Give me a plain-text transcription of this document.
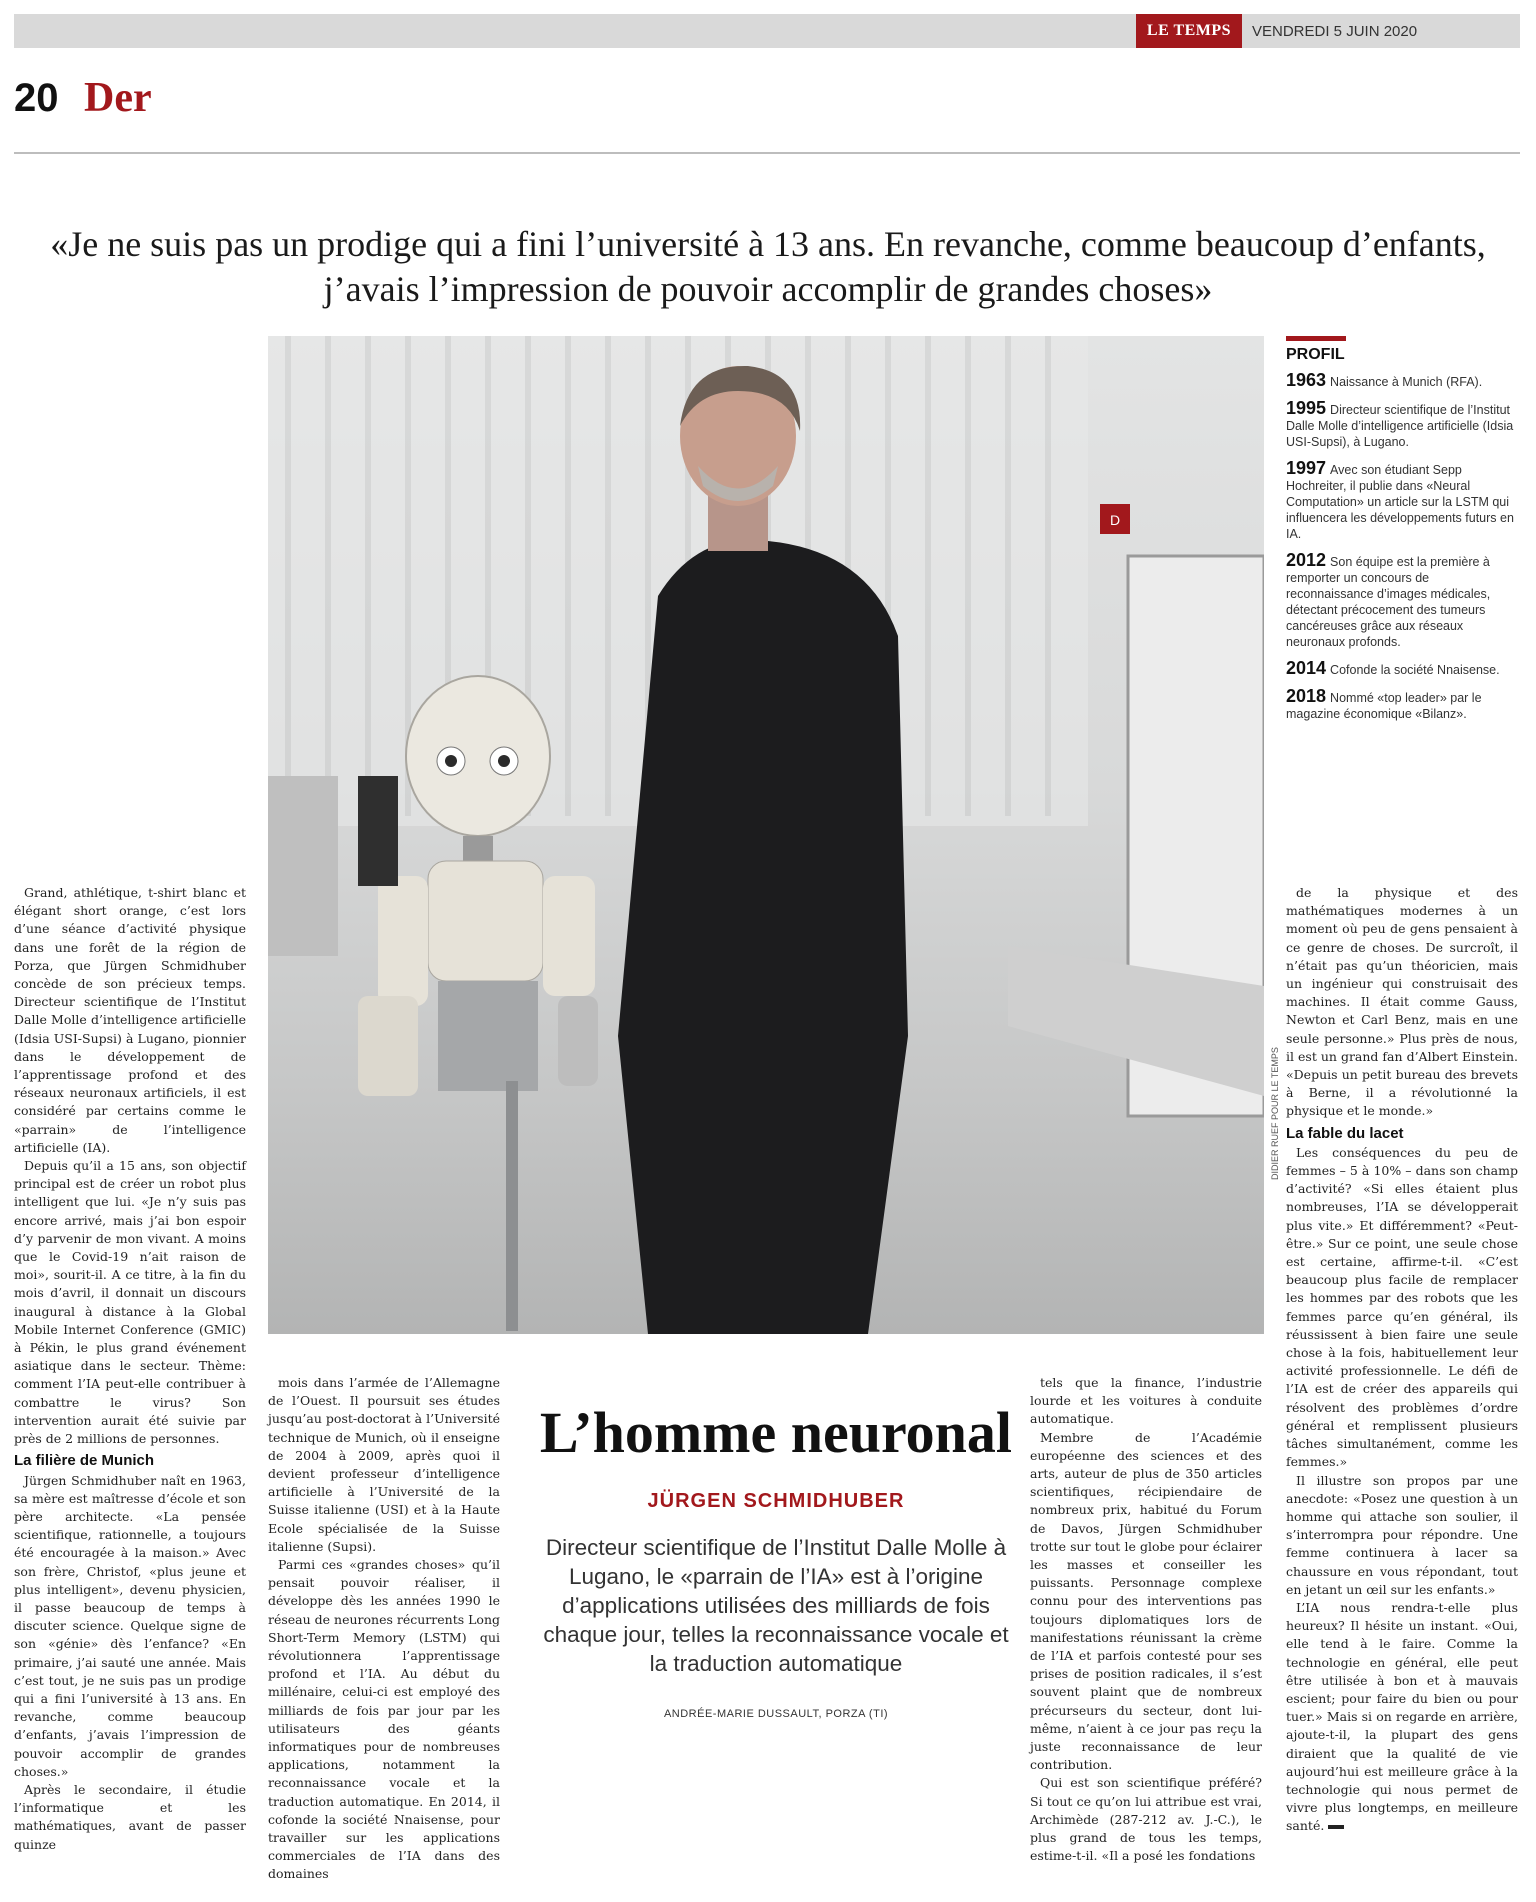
LE TEMPS	VENDREDI 5 JUIN 2020
20 Der
«Je ne suis pas un prodige qui a fini l’université à 13 ans. En revanche, comme beaucoup d’enfants, j’avais l’impression de pouvoir accomplir de grandes choses»
D
DIDIER RUEF POUR LE TEMPS
PROFIL
1963 Naissance à Munich (RFA).
1995 Directeur scientifique de l’Institut Dalle Molle d’intelligence artificielle (Idsia USI-Supsi), à Lugano.
1997 Avec son étudiant Sepp Hochreiter, il publie dans «Neural Computation» un article sur la LSTM qui influencera les développements futurs en IA.
2012 Son équipe est la première à remporter un concours de reconnaissance d’images médicales, détectant précocement des tumeurs cancéreuses grâce aux réseaux neuronaux profonds.
2014 Cofonde la société Nnaisense.
2018 Nommé «top leader» par le magazine économique «Bilanz».

Grand, athlétique, t-shirt blanc et élégant short orange, c’est lors d’une séance d’activité physique dans une forêt de la région de Porza, que Jürgen Schmidhuber concède de son précieux temps. Directeur scientifique de l’Institut Dalle Molle d’intelligence artificielle (Idsia USI-Supsi) à Lugano, pionnier dans le développement de l’apprentissage profond et des réseaux neuronaux artificiels, il est considéré par certains comme le «parrain» de l’intelligence artificielle (IA).

Depuis qu’il a 15 ans, son objectif principal est de créer un robot plus intelligent que lui. «Je n’y suis pas encore arrivé, mais j’ai bon espoir d’y parvenir de mon vivant. A moins que le Covid-19 n’ait raison de moi», sourit-il. A ce titre, à la fin du mois d’avril, il donnait un discours inaugural à distance à la Global Mobile Internet Conference (GMIC) à Pékin, le plus grand événement asiatique dans le secteur. Thème: comment l’IA peut-elle contribuer à combattre le virus? Son intervention aurait été suivie par près de 2 millions de personnes.

La filière de Munich

Jürgen Schmidhuber naît en 1963, sa mère est maîtresse d’école et son père architecte. «La pensée scientifique, rationnelle, a toujours été encouragée à la maison.» Avec son frère, Christof, «plus jeune et plus intelligent», devenu physicien, il passe beaucoup de temps à discuter science. Quelque signe de son «génie» dès l’enfance? «En primaire, j’ai sauté une année. Mais c’est tout, je ne suis pas un prodige qui a fini l’université à 13 ans. En revanche, comme beaucoup d’enfants, j’avais l’impression de pouvoir accomplir de grandes choses.»

Après le secondaire, il étudie l’informatique et les mathématiques, avant de passer quinze

mois dans l’armée de l’Allemagne de l’Ouest. Il poursuit ses études jusqu’au post-doctorat à l’Université technique de Munich, où il enseigne de 2004 à 2009, après quoi il devient professeur d’intelligence artificielle à l’Université de la Suisse italienne (USI) et à la Haute Ecole spécialisée de la Suisse italienne (Supsi).

Parmi ces «grandes choses» qu’il pensait pouvoir réaliser, il développe dès les années 1990 le réseau de neurones récurrents Long Short-Term Memory (LSTM) qui révolutionnera l’apprentissage profond et l’IA. Au début du millénaire, celui-ci est employé des milliards de fois par jour par les utilisateurs des géants informatiques pour de nombreuses applications, notamment la reconnaissance vocale et la traduction automatique. En 2014, il cofonde la société Nnaisense, pour travailler sur les applications commerciales de l’IA dans des domaines

L’homme neuronal
JÜRGEN SCHMIDHUBER
Directeur scientifique de l’Institut Dalle Molle à Lugano, le «parrain de l’IA» est à l’origine d’applications utilisées des milliards de fois chaque jour, telles la reconnaissance vocale et la traduction automatique
ANDRÉE-MARIE DUSSAULT, PORZA (TI)

tels que la finance, l’industrie lourde et les voitures à conduite automatique.

Membre de l’Académie européenne des sciences et des arts, auteur de plus de 350 articles scientifiques, récipiendaire de nombreux prix, habitué du Forum de Davos, Jürgen Schmidhuber trotte sur tout le globe pour éclairer les masses et conseiller les puissants. Personnage complexe connu pour des interventions pas toujours diplomatiques lors de manifestations réunissant la crème de l’IA et parfois contesté pour ses prises de position radicales, il s’est souvent plaint que de nombreux précurseurs du secteur, dont lui-même, n’aient à ce jour pas reçu la juste reconnaissance de leur contribution.

Qui est son scientifique préféré? Si tout ce qu’on lui attribue est vrai, Archimède (287-212 av. J.-C.), le plus grand de tous les temps, estime-t-il. «Il a posé les fondations

de la physique et des mathématiques modernes à un moment où peu de gens pensaient à ce genre de choses. De surcroît, il n’était pas qu’un théoricien, mais un ingénieur qui construisait des machines. Il était comme Gauss, Newton et Carl Benz, mais en une seule personne.» Plus près de nous, il est un grand fan d’Albert Einstein. «Depuis un petit bureau des brevets à Berne, il a révolutionné la physique et le monde.»

La fable du lacet

Les conséquences du peu de femmes – 5 à 10% – dans son champ d’activité? «Si elles étaient plus nombreuses, l’IA se développerait plus vite.» Et différemment? «Peut-être.» Sur ce point, une seule chose est certaine, affirme-t-il. «C’est beaucoup plus facile de remplacer les hommes par des robots que les femmes parce qu’en général, ils réussissent à bien faire une seule chose à la fois, habituellement leur activité professionnelle. Le défi de l’IA est de créer des appareils qui résolvent des problèmes d’ordre général et remplissent plusieurs tâches simultanément, comme les femmes.»

Il illustre son propos par une anecdote: «Posez une question à un homme qui attache son soulier, il s’interrompra pour répondre. Une femme continuera à lacer sa chaussure en vous répondant, tout en jetant un œil sur les enfants.»

L’IA nous rendra-t-elle plus heureux? Il hésite un instant. «Oui, elle tend à le faire. Comme la technologie en général, elle peut être utilisée à bon et à mauvais escient; pour faire du bien ou pour tuer.» Mais si on regarde en arrière, ajoute-t-il, la plupart des gens diraient que la qualité de vie aujourd’hui est meilleure grâce à la technologie qui nous permet de vivre plus longtemps, en meilleure santé.
